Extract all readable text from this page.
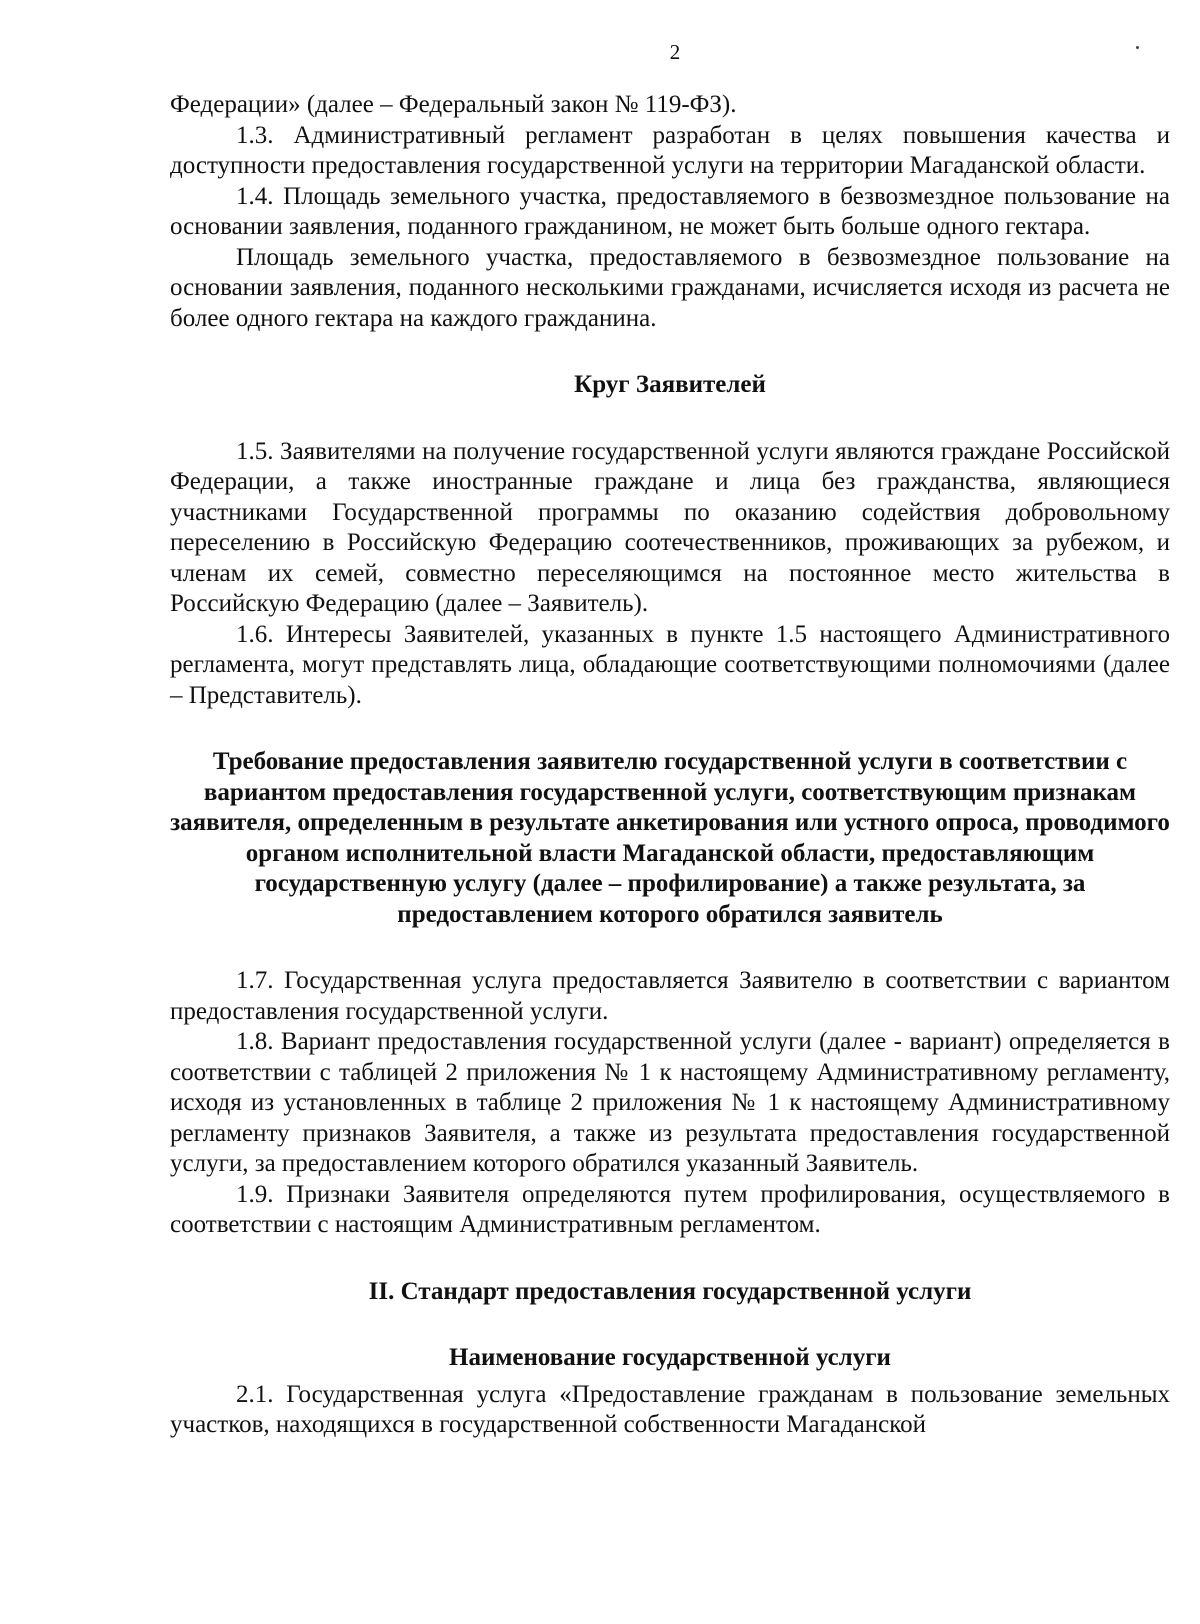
2

Федерации» (далее – Федеральный закон № 119-ФЗ).

1.3. Административный регламент разработан в целях повышения качества и доступности предоставления государственной услуги на территории Магаданской области.

1.4. Площадь земельного участка, предоставляемого в безвозмездное пользование на основании заявления, поданного гражданином, не может быть больше одного гектара.

Площадь земельного участка, предоставляемого в безвозмездное пользование на основании заявления, поданного несколькими гражданами, исчисляется исходя из расчета не более одного гектара на каждого гражданина.

Круг Заявителей

1.5. Заявителями на получение государственной услуги являются граждане Российской Федерации, а также иностранные граждане и лица без гражданства, являющиеся участниками Государственной программы по оказанию содействия добровольному переселению в Российскую Федерацию соотечественников, проживающих за рубежом, и членам их семей, совместно переселяющимся на постоянное место жительства в Российскую Федерацию (далее – Заявитель).

1.6. Интересы Заявителей, указанных в пункте 1.5 настоящего Административного регламента, могут представлять лица, обладающие соответствующими полномочиями (далее – Представитель).

Требование предоставления заявителю государственной услуги в соответствии с вариантом предоставления государственной услуги, соответствующим признакам заявителя, определенным в результате анкетирования или устного опроса, проводимого органом исполнительной власти Магаданской области, предоставляющим государственную услугу (далее – профилирование) а также результата, за предоставлением которого обратился заявитель

1.7. Государственная услуга предоставляется Заявителю в соответствии с вариантом предоставления государственной услуги.

1.8. Вариант предоставления государственной услуги (далее - вариант) определяется в соответствии с таблицей 2 приложения № 1 к настоящему Административному регламенту, исходя из установленных в таблице 2 приложения № 1 к настоящему Административному регламенту признаков Заявителя, а также из результата предоставления государственной услуги, за предоставлением которого обратился указанный Заявитель.

1.9. Признаки Заявителя определяются путем профилирования, осуществляемого в соответствии с настоящим Административным регламентом.

II. Стандарт предоставления государственной услуги
Наименование государственной услуги

2.1. Государственная услуга «Предоставление гражданам в пользование земельных участков, находящихся в государственной собственности Магаданской
